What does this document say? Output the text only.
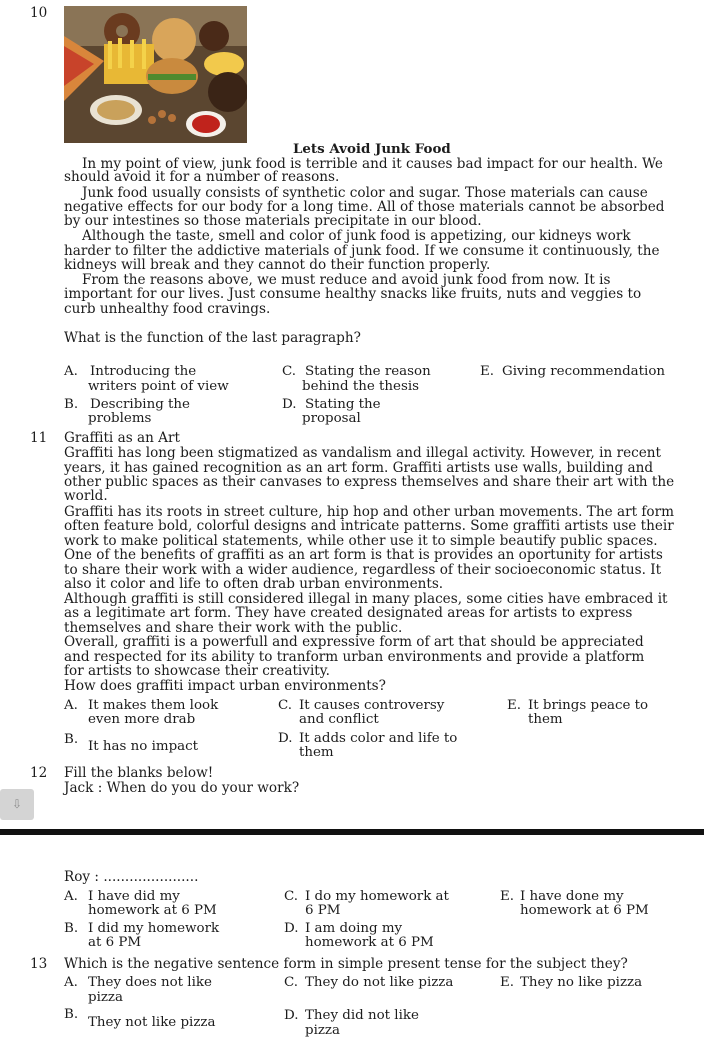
10
Lets Avoid Junk Food
In my point of view, junk food is terrible and it causes bad impact for our health. We
should avoid it for a number of reasons.
Junk food usually consists of synthetic color and sugar. Those materials can cause
negative effects for our body for a long time. All of those materials cannot be absorbed
by our intestines so those materials precipitate in our blood.
Although the taste, smell and color of junk food is appetizing, our kidneys work
harder to filter the addictive materials of junk food. If we consume it continuously, the
kidneys will break and they cannot do their function properly.
From the reasons above, we must reduce and avoid junk food from now. It is
important for our lives. Just consume healthy snacks like fruits, nuts and veggies to
curb unhealthy food cravings.
What is the function of the last paragraph?
A. Introducing the
writers point of view
C. Stating the reason
behind the thesis
E. Giving recommendation
B. Describing the
problems
D. Stating the
proposal
11 Graffiti as an Art
Graffiti has long been stigmatized as vandalism and illegal activity. However, in recent
years, it has gained recognition as an art form. Graffiti artists use walls, building and
other public spaces as their canvases to express themselves and share their art with the
world.
Graffiti has its roots in street culture, hip hop and other urban movements. The art form
often feature bold, colorful designs and intricate patterns. Some graffiti artists use their
work to make political statements, while other use it to simple beautify public spaces.
One of the benefits of graffiti as an art form is that is provides an oportunity for artists
to share their work with a wider audience, regardless of their socioeconomic status. It
also it color and life to often drab urban environments.
Although graffiti is still considered illegal in many places, some cities have embraced it
as a legitimate art form. They have created designated areas for artists to express
themselves and share their work with the public.
Overall, graffiti is a powerfull and expressive form of art that should be appreciated
and respected for its ability to tranform urban environments and provide a platform
for artists to showcase their creativity.
How does graffiti impact urban environments?
A. It makes them look
even more drab
C. It causes controversy
and conflict
E. It brings peace to
them
B. It has no impact
D. It adds color and life to
them
12 Fill the blanks below!
Jack : When do you do your work?
⇩
Roy : ......................
A. I have did my
homework at 6 PM
C. I do my homework at
6 PM
E. I have done my
homework at 6 PM
B. I did my homework
at 6 PM
D. I am doing my
homework at 6 PM
13 Which is the negative sentence form in simple present tense for the subject they?
A. They does not like
pizza
C. They do not like pizza	E. They no like pizza
B.
They not like pizza	D. They did not like
pizza
